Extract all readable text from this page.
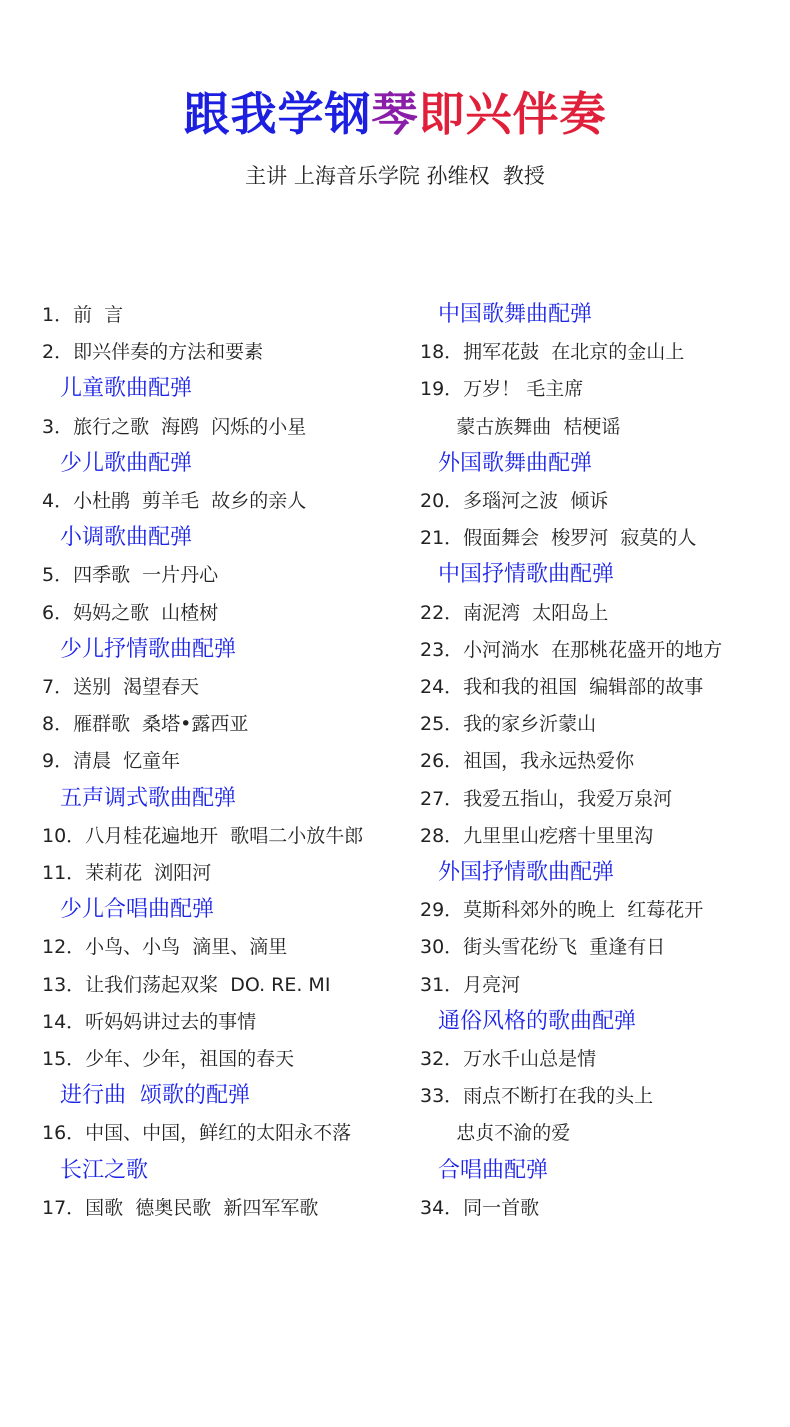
跟我学钢琴即兴伴奏
主讲 上海音乐学院 孙维权  教授
1．前  言
2．即兴伴奏的方法和要素
儿童歌曲配弹
3．旅行之歌  海鸥  闪烁的小星
少儿歌曲配弹
4．小杜鹃  剪羊毛  故乡的亲人
小调歌曲配弹
5．四季歌  一片丹心
6．妈妈之歌  山楂树
少儿抒情歌曲配弹
7．送别  渴望春天
8．雁群歌  桑塔•露西亚
9．清晨  忆童年
五声调式歌曲配弹
10．八月桂花遍地开  歌唱二小放牛郎
11．茉莉花  浏阳河
少儿合唱曲配弹
12．小鸟、小鸟  滴里、滴里
13．让我们荡起双桨  DO. RE. MI
14．听妈妈讲过去的事情
15．少年、少年，祖国的春天
进行曲  颂歌的配弹
16．中国、中国，鲜红的太阳永不落
长江之歌
17．国歌  德奥民歌  新四军军歌
中国歌舞曲配弹
18．拥军花鼓  在北京的金山上
19．万岁！ 毛主席
蒙古族舞曲  桔梗谣
外国歌舞曲配弹
20．多瑙河之波  倾诉
21．假面舞会  梭罗河  寂莫的人
中国抒情歌曲配弹
22．南泥湾  太阳岛上
23．小河淌水  在那桃花盛开的地方
24．我和我的祖国  编辑部的故事
25．我的家乡沂蒙山
26．祖国，我永远热爱你
27．我爱五指山，我爱万泉河
28．九里里山疙瘩十里里沟
外国抒情歌曲配弹
29．莫斯科郊外的晚上  红莓花开
30．街头雪花纷飞  重逢有日
31．月亮河
通俗风格的歌曲配弹
32．万水千山总是情
33．雨点不断打在我的头上
忠贞不渝的爱
合唱曲配弹
34．同一首歌
